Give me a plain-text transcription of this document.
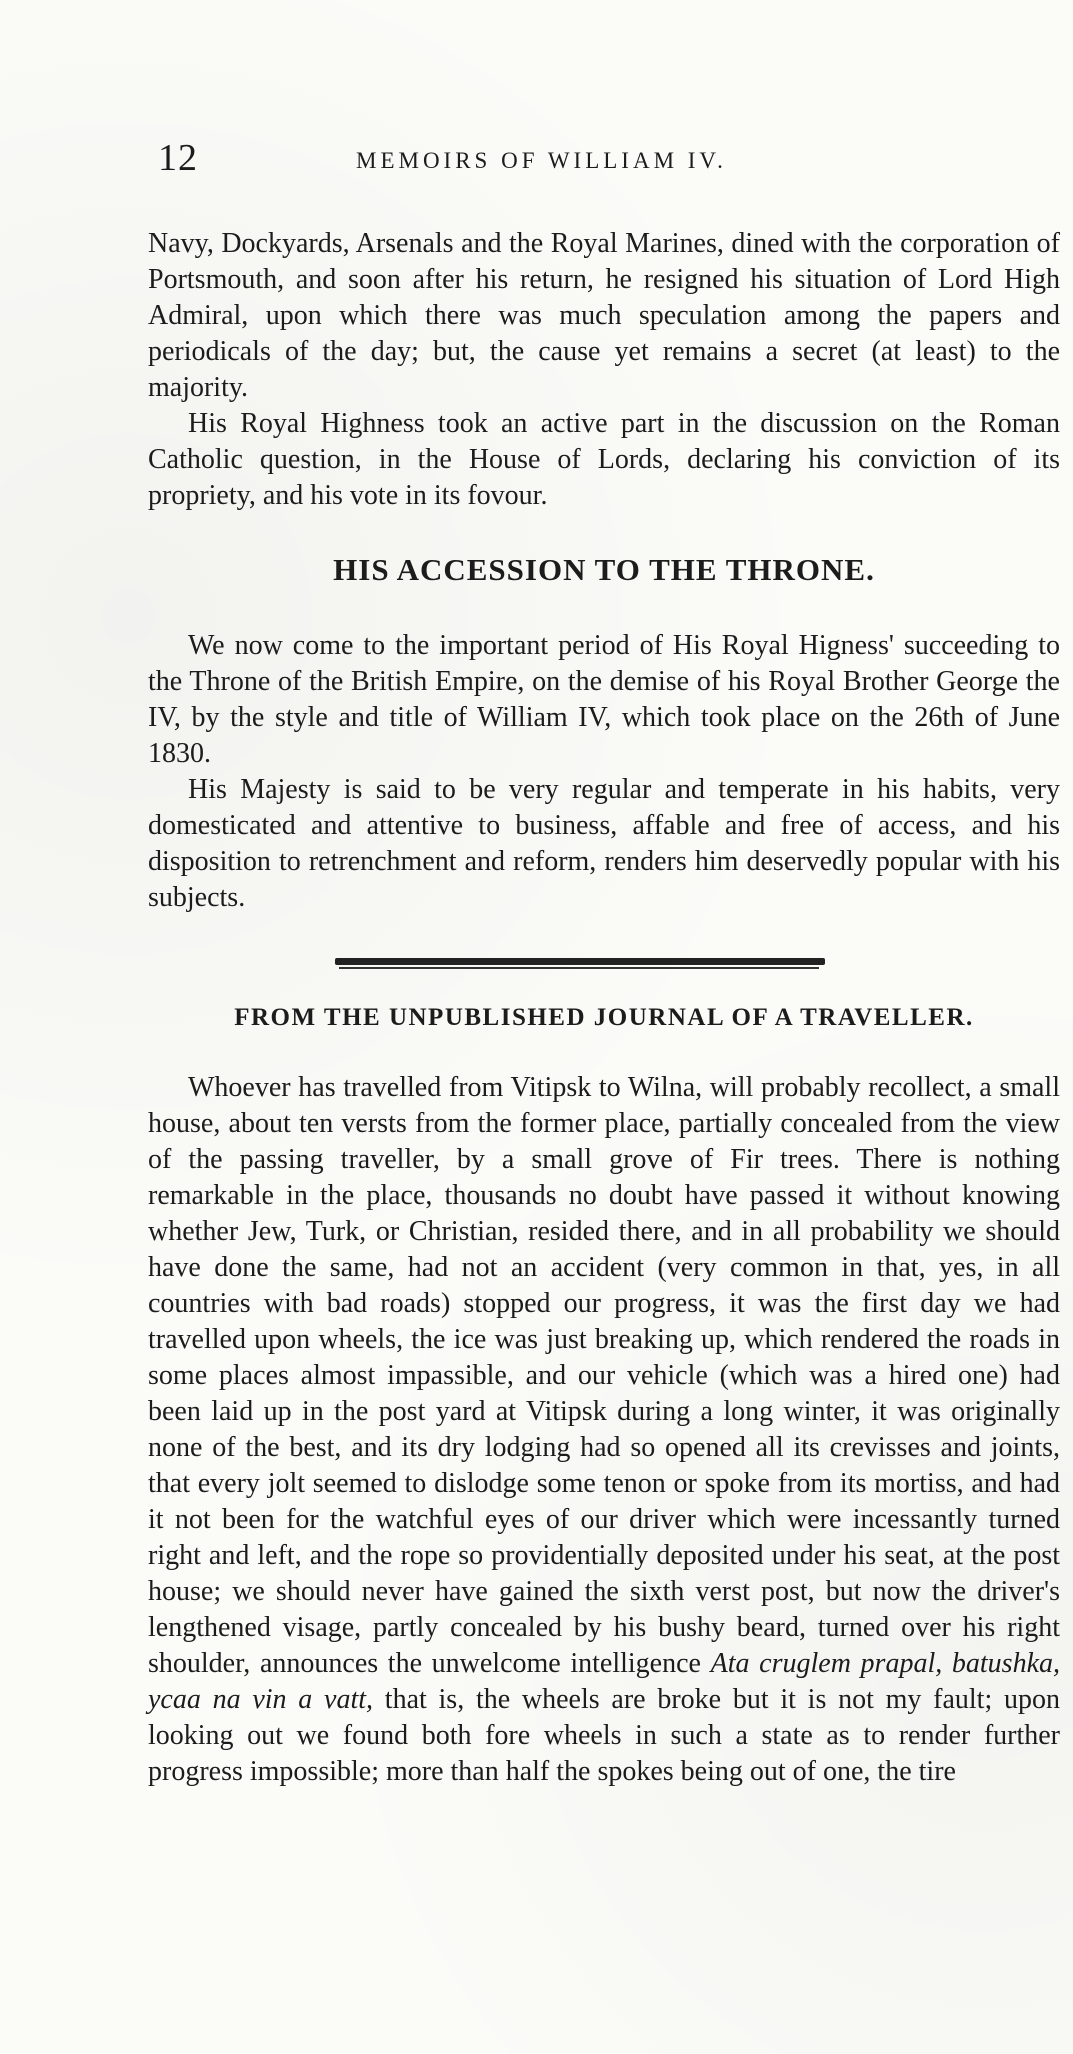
12	MEMOIRS OF WILLIAM IV.

Navy, Dockyards, Arsenals and the Royal Marines, dined with the corporation of Portsmouth, and soon after his return, he resigned his situation of Lord High Admiral, upon which there was much speculation among the papers and periodicals of the day; but, the cause yet remains a secret (at least) to the majority.

His Royal Highness took an active part in the discussion on the Roman Catholic question, in the House of Lords, declaring his conviction of its propriety, and his vote in its fovour.

HIS ACCESSION TO THE THRONE.

We now come to the important period of His Royal Higness' succeeding to the Throne of the British Empire, on the demise of his Royal Brother George the IV, by the style and title of William IV, which took place on the 26th of June 1830.

His Majesty is said to be very regular and temperate in his habits, very domesticated and attentive to business, affable and free of access, and his disposition to retrenchment and reform, renders him deservedly popular with his subjects.

FROM THE UNPUBLISHED JOURNAL OF A TRAVELLER.

Whoever has travelled from Vitipsk to Wilna, will probably recollect, a small house, about ten versts from the former place, partially concealed from the view of the passing traveller, by a small grove of Fir trees. There is nothing remarkable in the place, thousands no doubt have passed it without knowing whether Jew, Turk, or Christian, resided there, and in all probability we should have done the same, had not an accident (very common in that, yes, in all countries with bad roads) stopped our progress, it was the first day we had travelled upon wheels, the ice was just breaking up, which rendered the roads in some places almost impassible, and our vehicle (which was a hired one) had been laid up in the post yard at Vitipsk during a long winter, it was originally none of the best, and its dry lodging had so opened all its crevisses and joints, that every jolt seemed to dislodge some tenon or spoke from its mortiss, and had it not been for the watchful eyes of our driver which were incessantly turned right and left, and the rope so providentially deposited under his seat, at the post house; we should never have gained the sixth verst post, but now the driver's lengthened visage, partly concealed by his bushy beard, turned over his right shoulder, announces the unwelcome intelligence Ata cruglem prapal, batushka, ycaa na vin a vatt, that is, the wheels are broke but it is not my fault; upon looking out we found both fore wheels in such a state as to render further progress impossible; more than half the spokes being out of one, the tire
